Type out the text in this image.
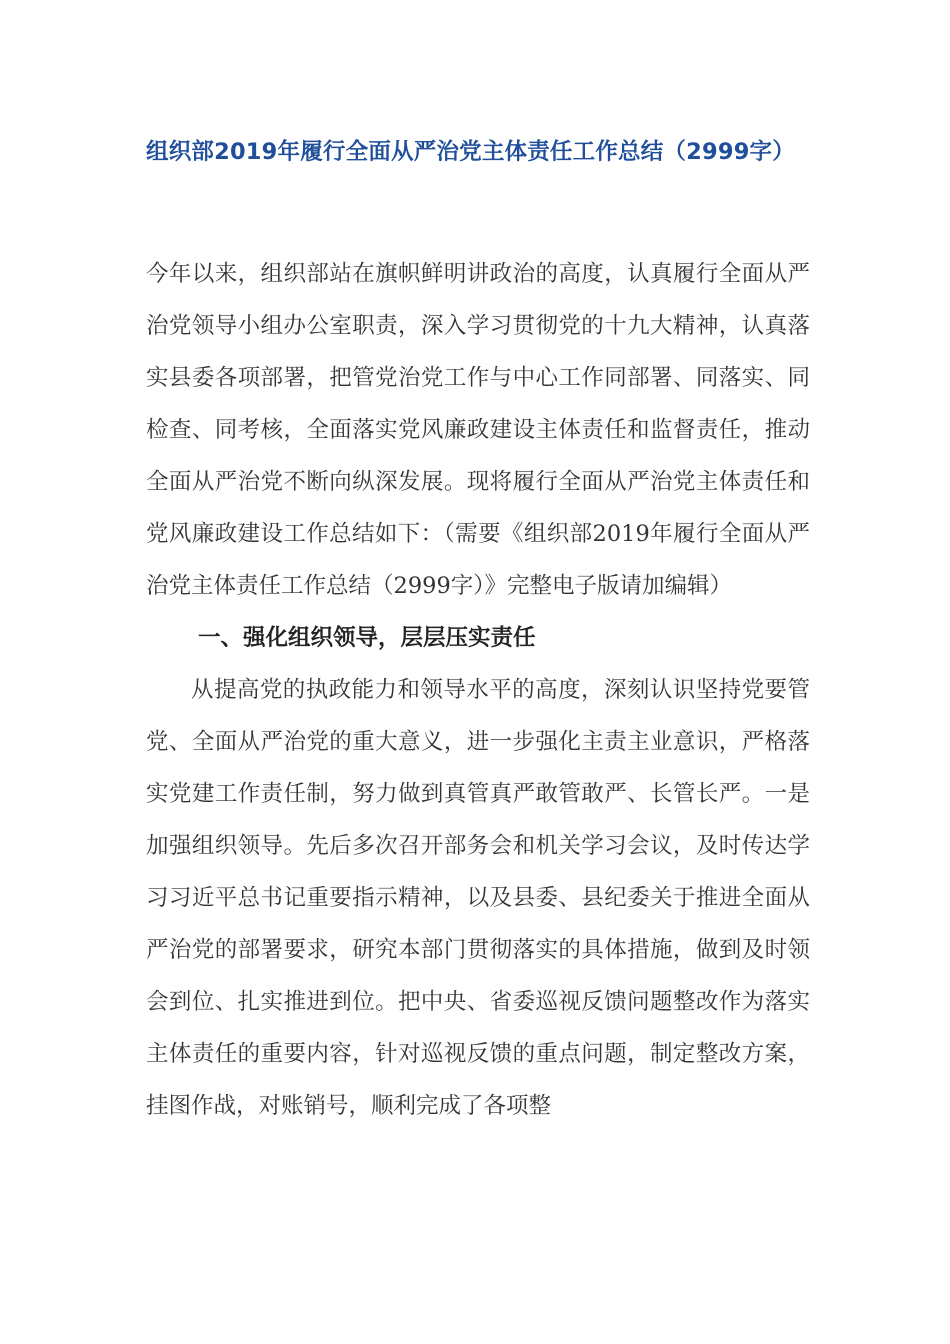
组织部2019年履行全面从严治党主体责任工作总结（2999字）

今年以来，组织部站在旗帜鲜明讲政治的高度，认真履行全面从严治党领导小组办公室职责，深入学习贯彻党的十九大精神，认真落实县委各项部署，把管党治党工作与中心工作同部署、同落实、同检查、同考核，全面落实党风廉政建设主体责任和监督责任，推动全面从严治党不断向纵深发展。现将履行全面从严治党主体责任和党风廉政建设工作总结如下：（需要《组织部2019年履行全面从严治党主体责任工作总结（2999字）》完整电子版请加编辑）

一、强化组织领导，层层压实责任

从提高党的执政能力和领导水平的高度，深刻认识坚持党要管党、全面从严治党的重大意义，进一步强化主责主业意识，严格落实党建工作责任制，努力做到真管真严敢管敢严、长管长严。一是加强组织领导。先后多次召开部务会和机关学习会议，及时传达学习习近平总书记重要指示精神，以及县委、县纪委关于推进全面从严治党的部署要求，研究本部门贯彻落实的具体措施，做到及时领会到位、扎实推进到位。把中央、省委巡视反馈问题整改作为落实主体责任的重要内容，针对巡视反馈的重点问题，制定整改方案，挂图作战，对账销号，顺利完成了各项整
